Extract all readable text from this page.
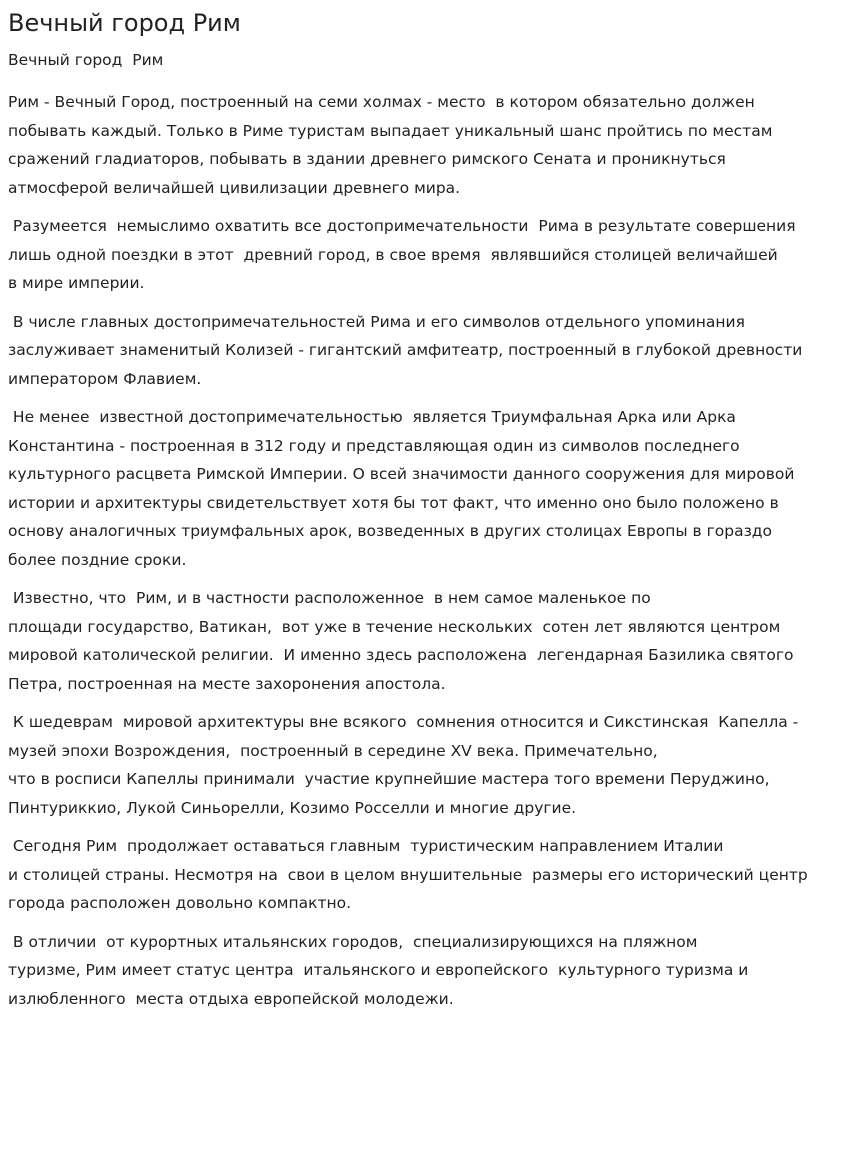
Вечный город Рим
Вечный город  Рим

Рим - Вечный Город, построенный на семи холмах - место  в котором обязательно должен
побывать каждый. Только в Риме туристам выпадает уникальный шанс пройтись по местам
сражений гладиаторов, побывать в здании древнего римского Сената и проникнуться
атмосферой величайшей цивилизации древнего мира.

Разумеется  немыслимо охватить все достопримечательности  Рима в результате совершения
лишь одной поездки в этот  древний город, в свое время  являвшийся столицей величайшей
в мире империи.

В числе главных достопримечательностей Рима и его символов отдельного упоминания
заслуживает знаменитый Колизей - гигантский амфитеатр, построенный в глубокой древности
императором Флавием.

Не менее  известной достопримечательностью  является Триумфальная Арка или Арка
Константина - построенная в 312 году и представляющая один из символов последнего
культурного расцвета Римской Империи. О всей значимости данного сооружения для мировой
истории и архитектуры свидетельствует хотя бы тот факт, что именно оно было положено в
основу аналогичных триумфальных арок, возведенных в других столицах Европы в гораздо
более поздние сроки.

Известно, что  Рим, и в частности расположенное  в нем самое маленькое по
площади государство, Ватикан,  вот уже в течение нескольких  сотен лет являются центром
мировой католической религии.  И именно здесь расположена  легендарная Базилика святого
Петра, построенная на месте захоронения апостола.

К шедеврам  мировой архитектуры вне всякого  сомнения относится и Сикстинская  Капелла -
музей эпохи Возрождения,  построенный в середине XV века. Примечательно,
что в росписи Капеллы принимали  участие крупнейшие мастера того времени Перуджино,
Пинтуриккио, Лукой Синьорелли, Козимо Росселли и многие другие.

Сегодня Рим  продолжает оставаться главным  туристическим направлением Италии
и столицей страны. Несмотря на  свои в целом внушительные  размеры его исторический центр
города расположен довольно компактно.

В отличии  от курортных итальянских городов,  специализирующихся на пляжном
туризме, Рим имеет статус центра  итальянского и европейского  культурного туризма и
излюбленного  места отдыха европейской молодежи.
